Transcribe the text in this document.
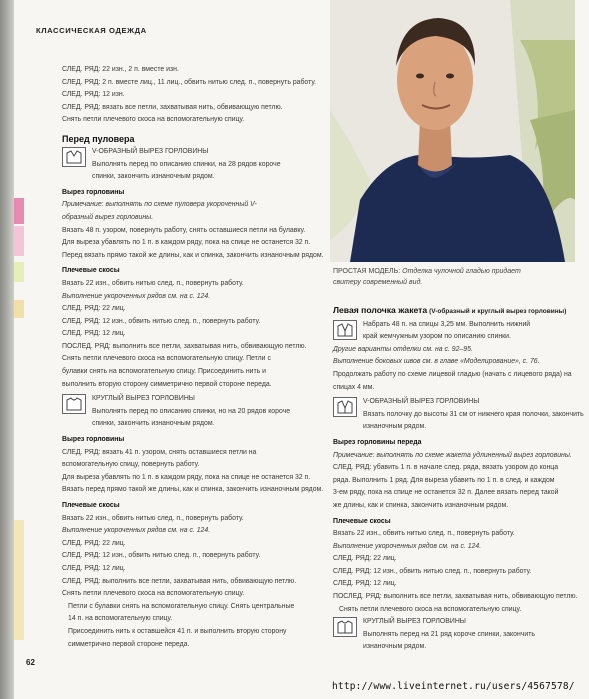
КЛАССИЧЕСКАЯ ОДЕЖДА
СЛЕД. РЯД: 22 изн., 2 п. вместе изн.
СЛЕД. РЯД: 2 п. вместе лиц., 11 лиц., обвить нитью след. п., повернуть работу.
СЛЕД. РЯД: 12 изн.
СЛЕД. РЯД: вязать все петли, захватывая нить, обвивающую петлю.
Снять петли плечевого скоса на вспомогательную спицу.
Перед пуловера
V-ОБРАЗНЫЙ ВЫРЕЗ ГОРЛОВИНЫ
Выполнять перед по описанию спинки, на 28 рядов короче
спинки, закончить изнаночным рядом.
Вырез горловины
Примечание: выполнять по схеме пуловера укороченный V-
образный вырез горловины.
Вязать 48 п. узором, повернуть работу, снять оставшиеся петли на булавку.
Для выреза убавлять по 1 п. в каждом ряду, пока на спице не останется 32 п.
Перед вязать прямо такой же длины, как и спинка, закончить изнаночным рядом.
Плечевые скосы
Вязать 22 изн., обвить нитью след. п., повернуть работу.
Выполнение укороченных рядов см. на с. 124.
СЛЕД. РЯД: 22 лиц.
СЛЕД. РЯД: 12 изн., обвить нитью след. п., повернуть работу.
СЛЕД. РЯД: 12 лиц.
ПОСЛЕД. РЯД: выполнить все петли, захватывая нить, обвивающую петлю.
Снять петли плечевого скоса на вспомогательную спицу. Петли с
булавки снять на вспомогательную спицу. Присоединить нить и
выполнить вторую сторону симметрично первой стороне переда.
КРУГЛЫЙ ВЫРЕЗ ГОРЛОВИНЫ
Выполнять перед по описанию спинки, но на 20 рядов короче
спинки, закончить изнаночным рядом.
Вырез горловины
СЛЕД. РЯД: вязать 41 п. узором, снять оставшиеся петли на
вспомогательную спицу, повернуть работу.
Для выреза убавлять по 1 п. в каждом ряду, пока на спице не останется 32 п.
Вязать перед прямо такой же длины, как и спинка, закончить изнаночным рядом.
Плечевые скосы
Вязать 22 изн., обвить нитью след. п., повернуть работу.
Выполнение укороченных рядов см. на с. 124.
СЛЕД. РЯД: 22 лиц.
СЛЕД. РЯД: 12 изн., обвить нитью след. п., повернуть работу.
СЛЕД. РЯД: 12 лиц.
СЛЕД. РЯД: выполнить все петли, захватывая нить, обвивающую петлю.
Снять петли плечевого скоса на вспомогательную спицу.
Петли с булавки снять на вспомогательную спицу. Снять центральные
14 п. на вспомогательную спицу.
Присоединить нить к оставшейся 41 п. и выполнить вторую сторону
симметрично первой стороне переда.
ПРОСТАЯ МОДЕЛЬ: Отделка чулочной гладью придает
свитеру современный вид.
Левая полочка жакета (V-образный и круглый вырез горловины)
Набрать 48 п. на спицы 3,25 мм. Выполнить нижний
край жемчужным узором по описанию спинки.
Другие варианты отделки см. на с. 92–95.
Выполнение боковых швов см. в главе «Моделирование», с. 76.
Продолжать работу по схеме лицевой гладью (начать с лицевого ряда) на
спицах 4 мм.
V-ОБРАЗНЫЙ ВЫРЕЗ ГОРЛОВИНЫ
Вязать полочку до высоты 31 см от нижнего края полочки, закончить
изнаночным рядом.
Вырез горловины переда
Примечание: выполнять по схеме жакета удлиненный вырез горловины.
СЛЕД. РЯД: убавить 1 п. в начале след. ряда, вязать узором до конца
ряда. Выполнить 1 ряд. Для выреза убавить по 1 п. в след. и каждом
3-ем ряду, пока на спице не останется 32 п. Далее вязать перед такой
же длины, как и спинка, закончить изнаночным рядом.
Плечевые скосы
Вязать 22 изн., обвить нитью след. п., повернуть работу.
Выполнение укороченных рядов см. на с. 124.
СЛЕД. РЯД: 22 лиц.
СЛЕД. РЯД: 12 изн., обвить нитью след. п., повернуть работу.
СЛЕД. РЯД: 12 лиц.
ПОСЛЕД. РЯД: выполнить все петли, захватывая нить, обвивающую петлю.
Снять петли плечевого скоса на вспомогательную спицу.
КРУГЛЫЙ ВЫРЕЗ ГОРЛОВИНЫ
Выполнять перед на 21 ряд короче спинки, закончить
изнаночным рядом.
62
http://www.liveinternet.ru/users/4567578/
